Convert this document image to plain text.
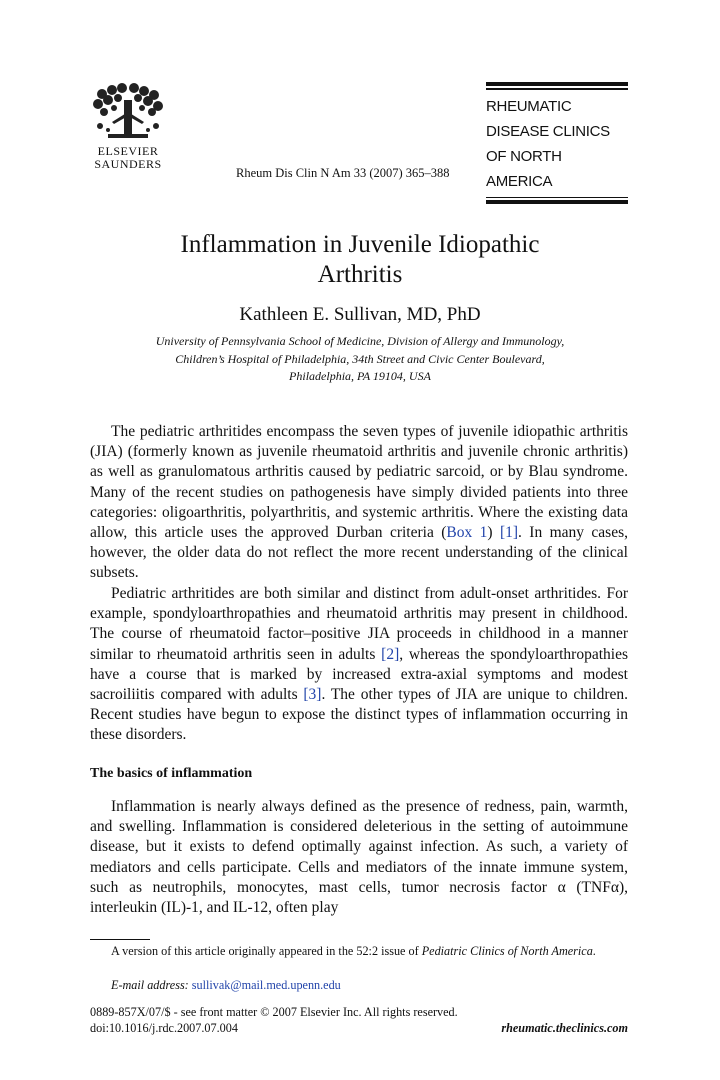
ELSEVIER
SAUNDERS
Rheum Dis Clin N Am 33 (2007) 365–388
RHEUMATIC
DISEASE CLINICS
OF NORTH AMERICA
Inflammation in Juvenile Idiopathic
Arthritis
Kathleen E. Sullivan, MD, PhD
University of Pennsylvania School of Medicine, Division of Allergy and Immunology,
Children’s Hospital of Philadelphia, 34th Street and Civic Center Boulevard,
Philadelphia, PA 19104, USA
The pediatric arthritides encompass the seven types of juvenile idiopathic arthritis (JIA) (formerly known as juvenile rheumatoid arthritis and juvenile chronic arthritis) as well as granulomatous arthritis caused by pediatric sarcoid, or by Blau syndrome. Many of the recent studies on pathogenesis have simply divided patients into three categories: oligoarthritis, polyarthritis, and systemic arthritis. Where the existing data allow, this article uses the approved Durban criteria (Box 1) [1]. In many cases, however, the older data do not reflect the more recent understanding of the clinical subsets.
Pediatric arthritides are both similar and distinct from adult-onset arthritides. For example, spondyloarthropathies and rheumatoid arthritis may present in childhood. The course of rheumatoid factor–positive JIA proceeds in childhood in a manner similar to rheumatoid arthritis seen in adults [2], whereas the spondyloarthropathies have a course that is marked by increased extra-axial symptoms and modest sacroiliitis compared with adults [3]. The other types of JIA are unique to children. Recent studies have begun to expose the distinct types of inflammation occurring in these disorders.
The basics of inflammation
Inflammation is nearly always defined as the presence of redness, pain, warmth, and swelling. Inflammation is considered deleterious in the setting of autoimmune disease, but it exists to defend optimally against infection. As such, a variety of mediators and cells participate. Cells and mediators of the innate immune system, such as neutrophils, monocytes, mast cells, tumor necrosis factor α (TNFα), interleukin (IL)-1, and IL-12, often play
A version of this article originally appeared in the 52:2 issue of Pediatric Clinics of North America.
E-mail address: sullivak@mail.med.upenn.edu
0889-857X/07/$ - see front matter © 2007 Elsevier Inc. All rights reserved.
doi:10.1016/j.rdc.2007.07.004	rheumatic.theclinics.com
